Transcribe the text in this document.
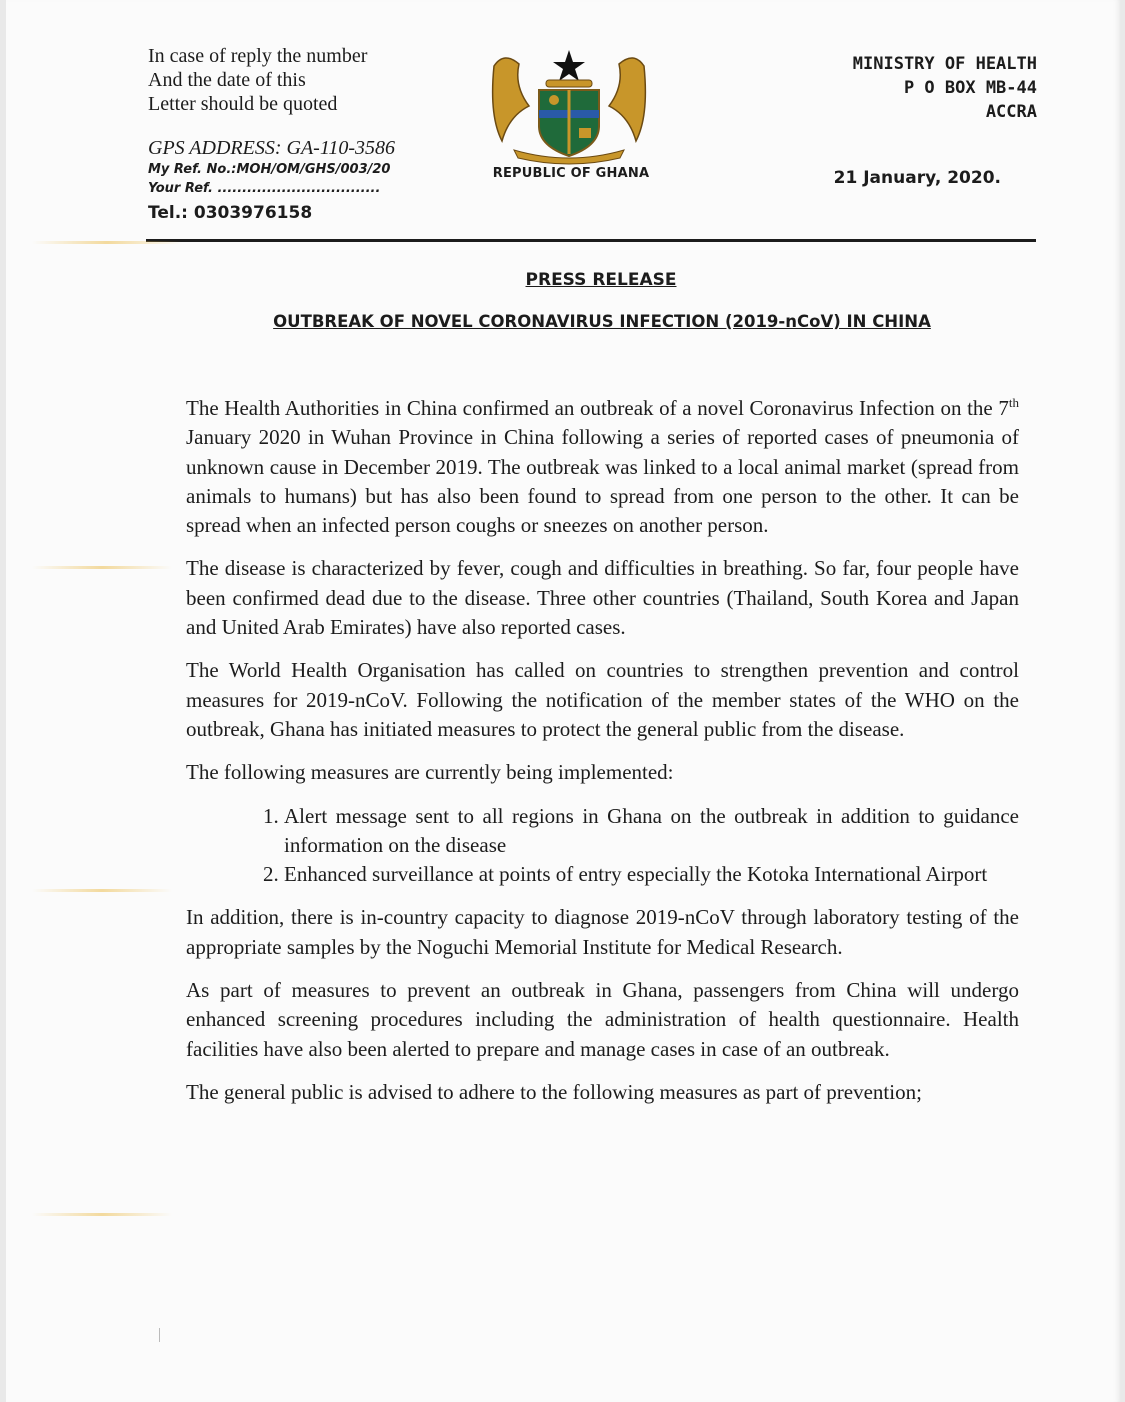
In case of reply the number

And the date of this

Letter should be quoted

GPS ADDRESS: GA-110-3586
My Ref. No.:MOH/OM/GHS/003/20
Your Ref. .................................
Tel.: 0303976158
REPUBLIC OF GHANA
MINISTRY OF HEALTH
P O BOX MB-44
ACCRA
21 January, 2020.
PRESS RELEASE
OUTBREAK OF NOVEL CORONAVIRUS INFECTION (2019-nCoV) IN CHINA

The Health Authorities in China confirmed an outbreak of a novel Coronavirus Infection on the 7th January 2020 in Wuhan Province in China following a series of reported cases of pneumonia of unknown cause in December 2019. The outbreak was linked to a local animal market (spread from animals to humans) but has also been found to spread from one person to the other. It can be spread when an infected person coughs or sneezes on another person.

The disease is characterized by fever, cough and difficulties in breathing. So far, four people have been confirmed dead due to the disease. Three other countries (Thailand, South Korea and Japan and United Arab Emirates) have also reported cases.

The World Health Organisation has called on countries to strengthen prevention and control measures for 2019-nCoV. Following the notification of the member states of the WHO on the outbreak, Ghana has initiated measures to protect the general public from the disease.

The following measures are currently being implemented:

1. Alert message sent to all regions in Ghana on the outbreak in addition to guidance information on the disease
2. Enhanced surveillance at points of entry especially the Kotoka International Airport

In addition, there is in-country capacity to diagnose 2019-nCoV through laboratory testing of the appropriate samples by the Noguchi Memorial Institute for Medical Research.

As part of measures to prevent an outbreak in Ghana, passengers from China will undergo enhanced screening procedures including the administration of health questionnaire. Health facilities have also been alerted to prepare and manage cases in case of an outbreak.

The general public is advised to adhere to the following measures as part of prevention;
